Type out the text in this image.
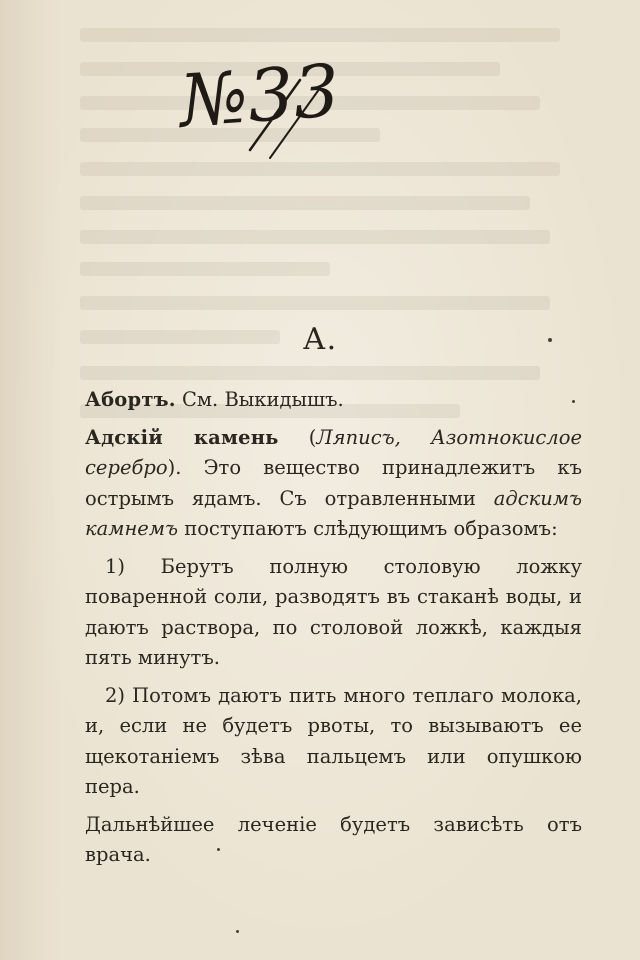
№33
А.

Абортъ. См. Выкидышъ.

Адскій камень (Ляписъ, Азотнокислое серебро). Это вещество принадлежитъ къ острымъ ядамъ. Съ отравленными адскимъ камнемъ поступаютъ слѣдующимъ образомъ:

1) Берутъ полную столовую ложку поваренной соли, разводятъ въ стаканѣ воды, и даютъ раствора, по столовой ложкѣ, каждыя пять минутъ.

2) Потомъ даютъ пить много теплаго молока, и, если не будетъ рвоты, то вызываютъ ее щекотаніемъ зѣва пальцемъ или опушкою пера.

Дальнѣйшее леченіе будетъ зависѣть отъ врача.
